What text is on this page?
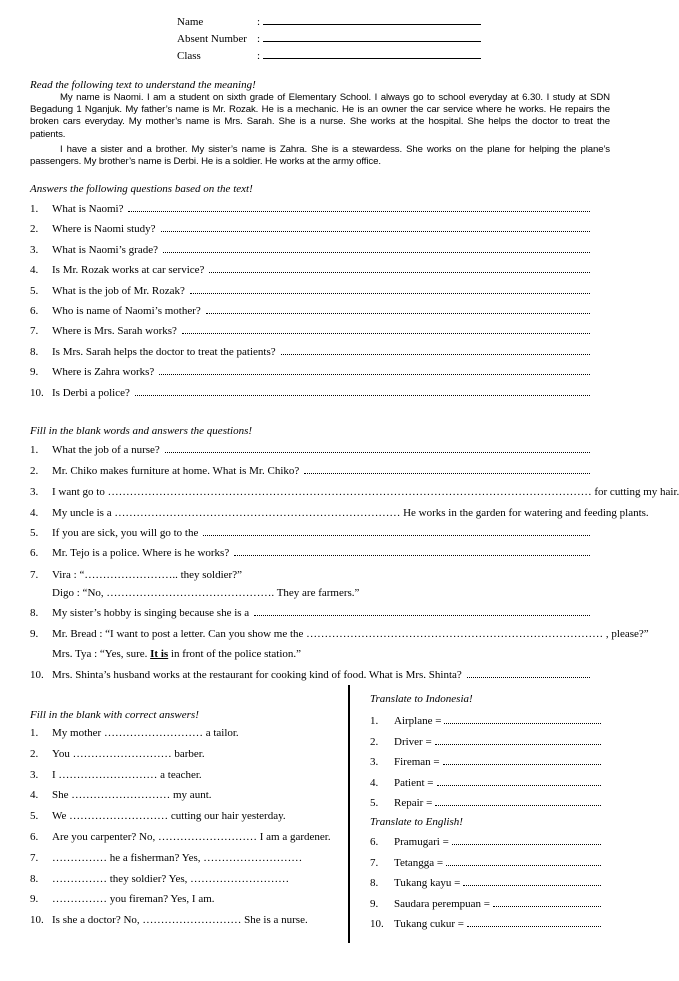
Name	:
Absent Number :
Class	:
Read the following text to understand the meaning!
My name is Naomi. I am a student on sixth grade of Elementary School. I always go to school everyday at 6.30. I study at SDN Begadung 1 Nganjuk. My father’s name is Mr. Rozak. He is a mechanic. He is an owner the car service where he works. He repairs the broken cars everyday. My mother’s name is Mrs. Sarah. She is a nurse. She works at the hospital. She helps the doctor to treat the patients.
I have a sister and a brother. My sister’s name is Zahra. She is a stewardess. She works on the plane for helping the plane’s passengers. My brother’s name is Derbi. He is a soldier. He works at the army office.
Answers the following questions based on the text!
1.	What is Naomi?
2.	Where is Naomi study?
3.	What is Naomi’s grade?
4.	Is Mr. Rozak works at car service?
5.	What is the job of Mr. Rozak?
6.	Who is name of Naomi’s mother?
7.	Where is Mrs. Sarah works?
8.	Is Mrs. Sarah helps the doctor to treat the patients?
9.	Where is Zahra works?
10. Is Derbi a police?
Fill in the blank words and answers the questions!
1.	What the job of a nurse?
2.	Mr. Chiko makes furniture at home. What is Mr. Chiko?
3. I want go to …………………………………………………………………………………………………………………… for cutting my hair.
4. My uncle is a …………………………………………………………………… He works in the garden for watering and feeding plants.
5.	If you are sick, you will go to the
6.	Mr. Tejo is a police. Where is he works?
7. Vira : “…………………….. they soldier?”
Digo : “No, ………………………………………. They are farmers.”
8.	My sister’s hobby is singing because she is a
9. Mr. Bread : “I want to post a letter. Can you show me the ……………………………………………………………………… , please?”
Mrs. Tya : “Yes, sure. It is in front of the police station.”
10. Mrs. Shinta’s husband works at the restaurant for cooking kind of food. What is Mrs. Shinta?
Fill in the blank with correct answers!
1. My mother ……………………… a tailor.
2. You ……………………… barber.
3. I ……………………… a teacher.
4. She ……………………… my aunt.
5. We ……………………… cutting our hair yesterday.
6. Are you carpenter? No, ……………………… I am a gardener.
7. …………… he a fisherman? Yes, ………………………
8. …………… they soldier? Yes, ………………………
9. …………… you fireman? Yes, I am.
10. Is she a doctor? No, ……………………… She is a nurse.
Translate to Indonesia!
1.	Airplane =
2.	Driver =
3.	Fireman =
4.	Patient =
5.	Repair =
Translate to English!
6.	Pramugari =
7.	Tetangga =
8.	Tukang kayu =
9.	Saudara perempuan =
10. Tukang cukur =
